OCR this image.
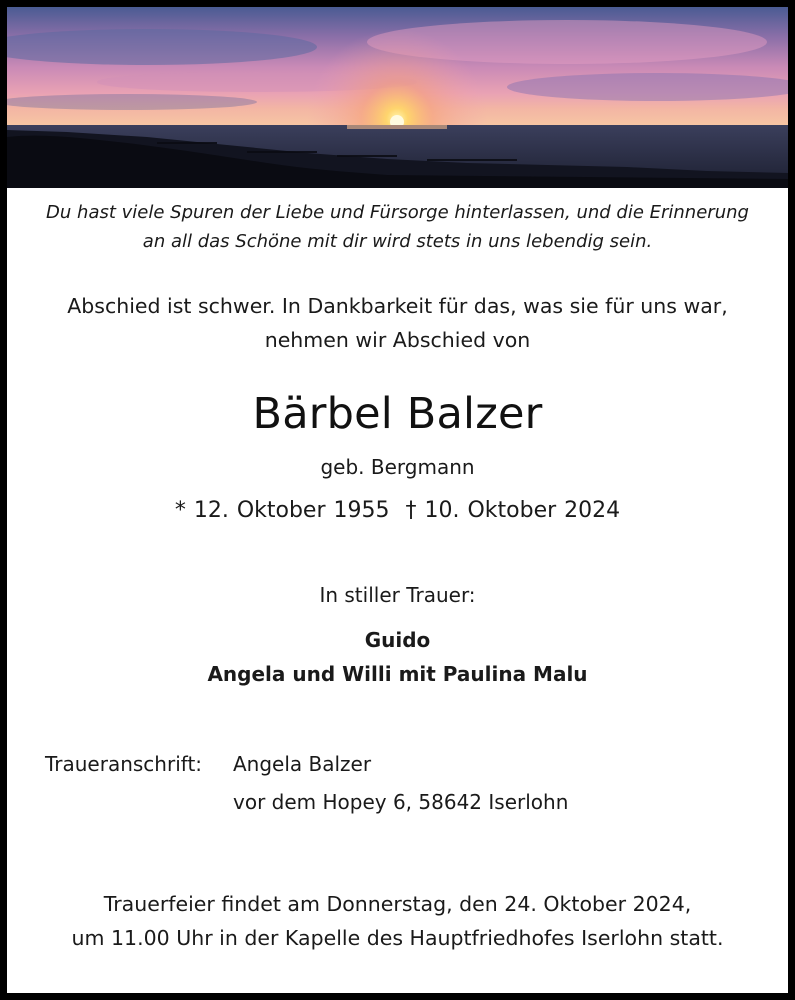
Du hast viele Spuren der Liebe und Fürsorge hinterlassen, und die Erinnerung
an all das Schöne mit dir wird stets in uns lebendig sein.
Abschied ist schwer. In Dankbarkeit für das, was sie für uns war,
nehmen wir Abschied von
Bärbel Balzer
geb. Bergmann
* 12. Oktober 1955 † 10. Oktober 2024
In stiller Trauer:
Guido
Angela und Willi mit Paulina Malu
Traueranschrift: Angela Balzer
vor dem Hopey 6, 58642 Iserlohn
Trauerfeier findet am Donnerstag, den 24. Oktober 2024,
um 11.00 Uhr in der Kapelle des Hauptfriedhofes Iserlohn statt.
